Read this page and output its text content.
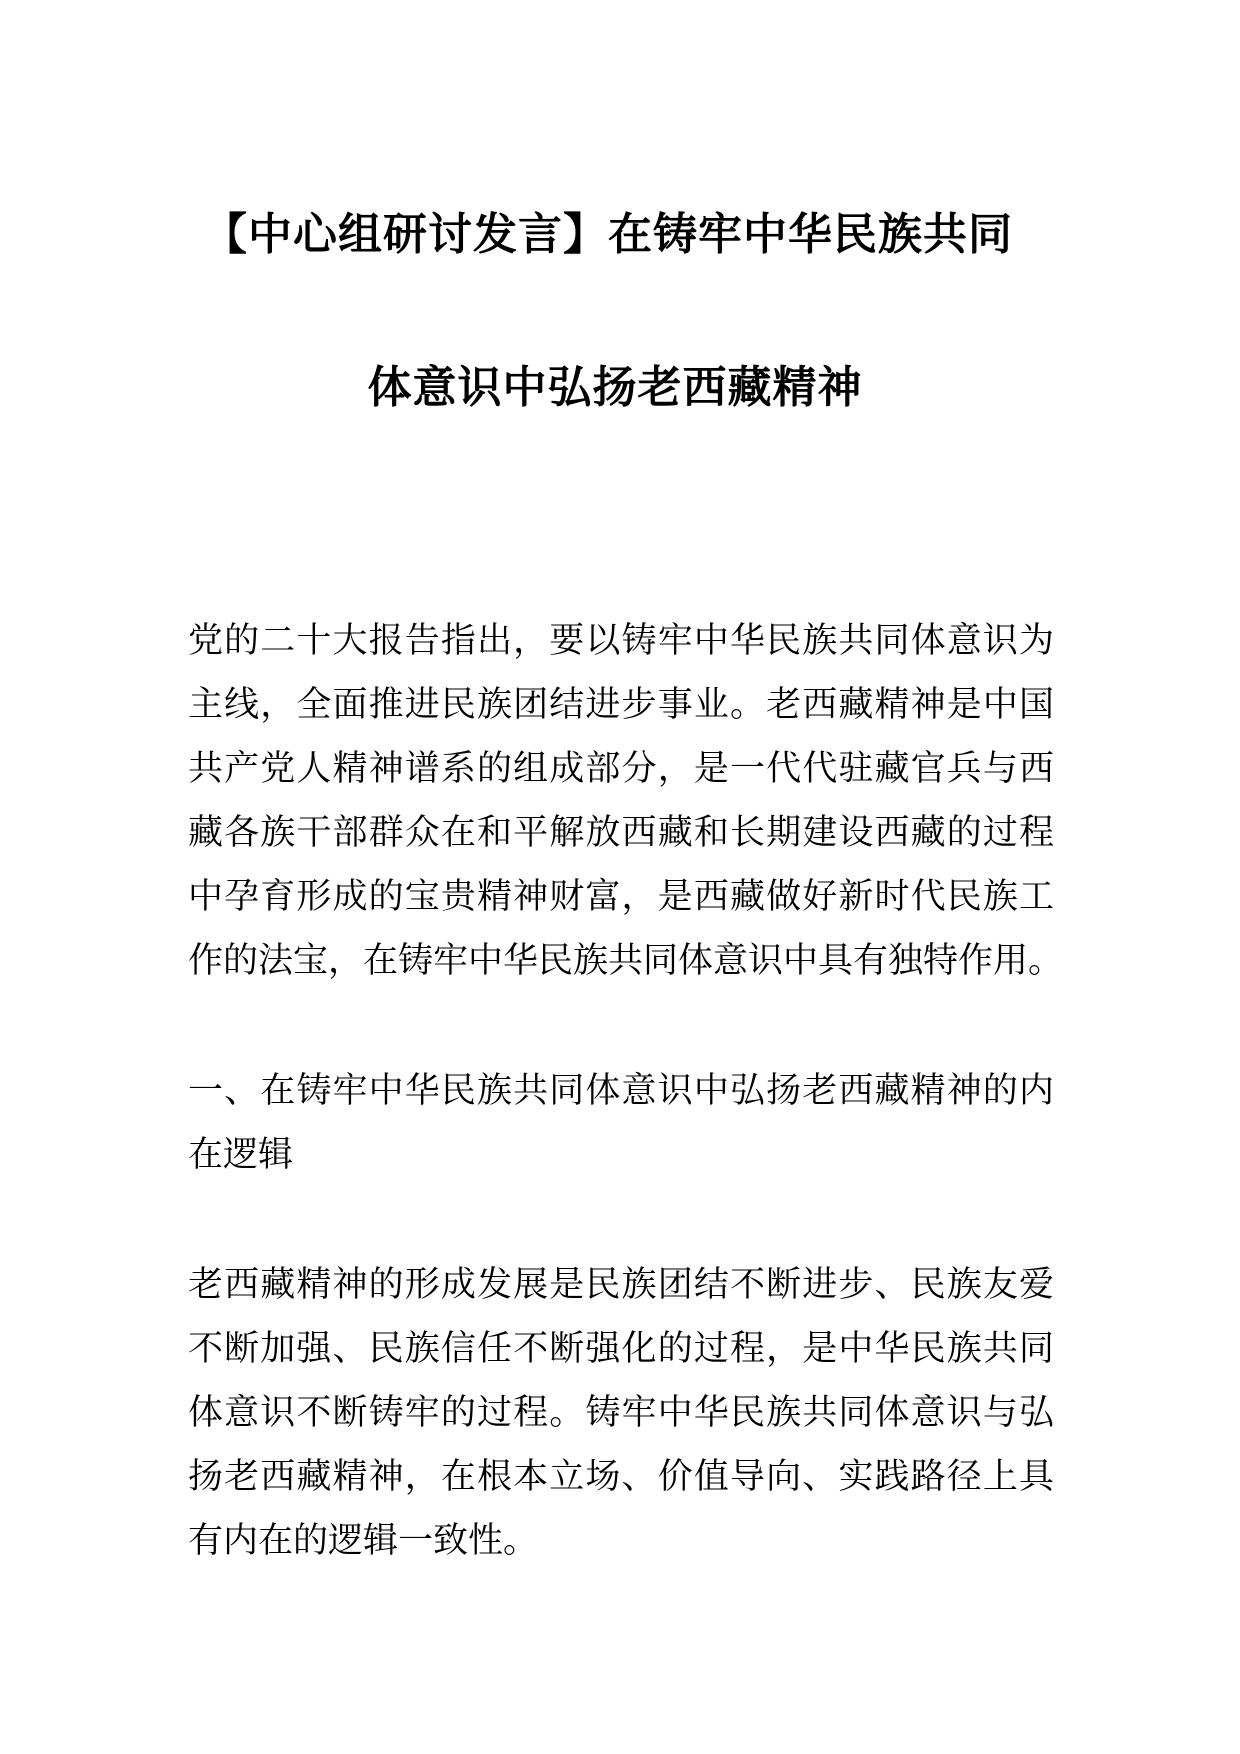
【中心组研讨发言】在铸牢中华民族共同
体意识中弘扬老西藏精神
党的二十大报告指出，要以铸牢中华民族共同体意识为
主线，全面推进民族团结进步事业。老西藏精神是中国
共产党人精神谱系的组成部分，是一代代驻藏官兵与西
藏各族干部群众在和平解放西藏和长期建设西藏的过程
中孕育形成的宝贵精神财富，是西藏做好新时代民族工
作的法宝，在铸牢中华民族共同体意识中具有独特作用。
一、在铸牢中华民族共同体意识中弘扬老西藏精神的内
在逻辑
老西藏精神的形成发展是民族团结不断进步、民族友爱
不断加强、民族信任不断强化的过程，是中华民族共同
体意识不断铸牢的过程。铸牢中华民族共同体意识与弘
扬老西藏精神，在根本立场、价值导向、实践路径上具
有内在的逻辑一致性。
